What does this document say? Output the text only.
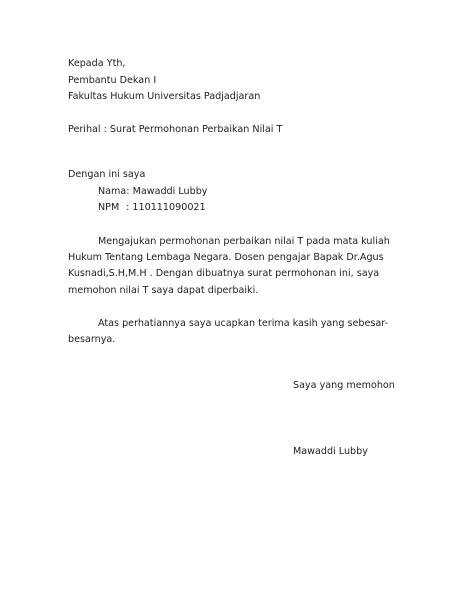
Kepada Yth,
Pembantu Dekan I
Fakultas Hukum Universitas Padjadjaran
Perihal : Surat Permohonan Perbaikan Nilai T
Dengan ini saya
Nama: Mawaddi Lubby
NPM  : 110111090021
Mengajukan permohonan perbaikan nilai T pada mata kuliah
Hukum Tentang Lembaga Negara. Dosen pengajar Bapak Dr.Agus
Kusnadi,S.H,M.H . Dengan dibuatnya surat permohonan ini, saya
memohon nilai T saya dapat diperbaiki.
Atas perhatiannya saya ucapkan terima kasih yang sebesar-
besarnya.
Saya yang memohon
Mawaddi Lubby
